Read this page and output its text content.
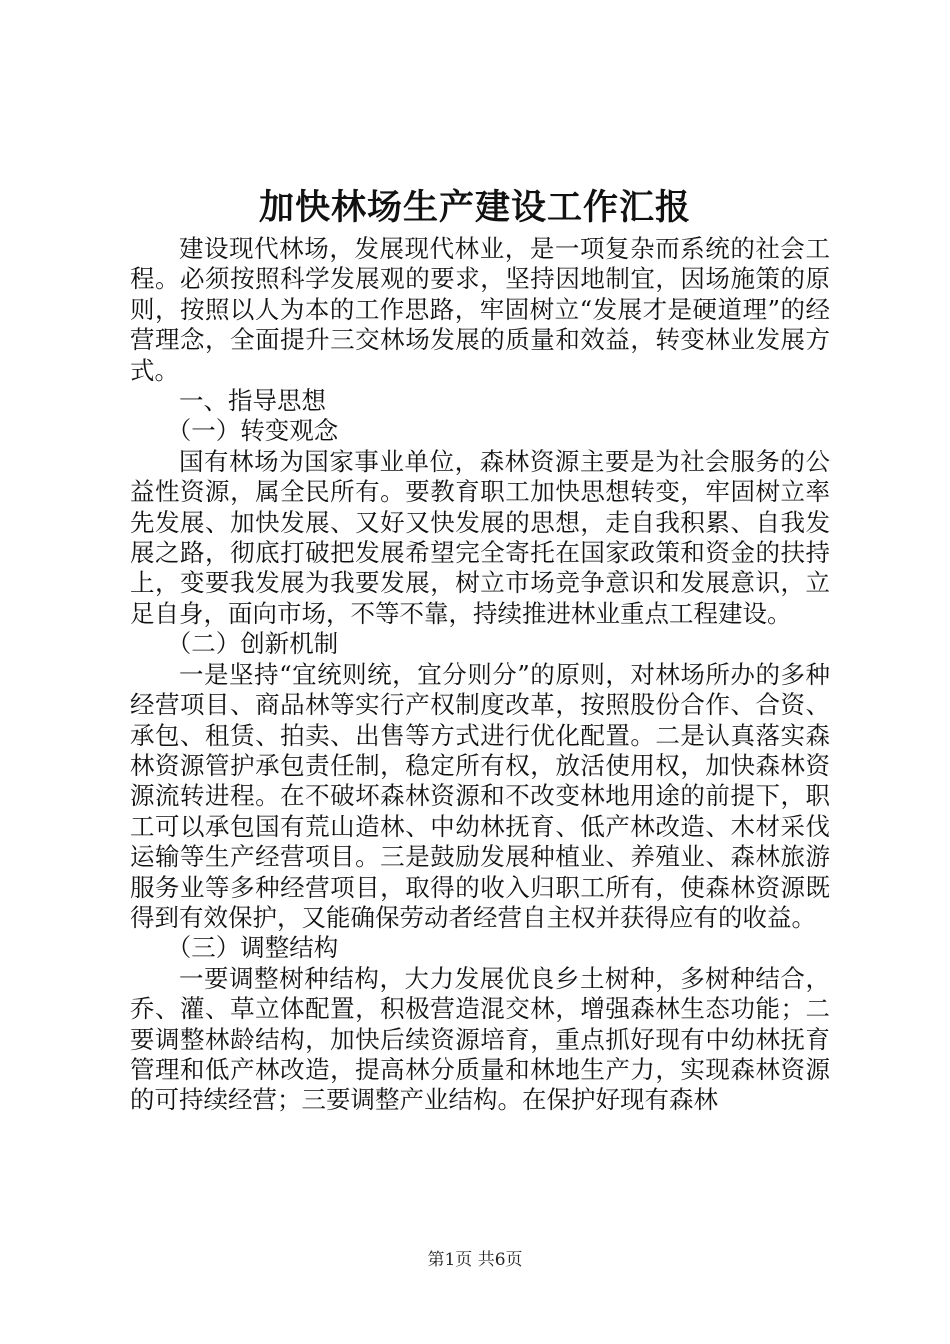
加快林场生产建设工作汇报

建设现代林场，发展现代林业，是一项复杂而系统的社会工程。必须按照科学发展观的要求，坚持因地制宜，因场施策的原则，按照以人为本的工作思路，牢固树立“发展才是硬道理”的经营理念，全面提升三交林场发展的质量和效益，转变林业发展方式。

一、指导思想

（一）转变观念

国有林场为国家事业单位，森林资源主要是为社会服务的公益性资源，属全民所有。要教育职工加快思想转变，牢固树立率先发展、加快发展、又好又快发展的思想，走自我积累、自我发展之路，彻底打破把发展希望完全寄托在国家政策和资金的扶持上，变要我发展为我要发展，树立市场竞争意识和发展意识，立足自身，面向市场，不等不靠，持续推进林业重点工程建设。

（二）创新机制

一是坚持“宜统则统，宜分则分”的原则，对林场所办的多种经营项目、商品林等实行产权制度改革，按照股份合作、合资、承包、租赁、拍卖、出售等方式进行优化配置。二是认真落实森林资源管护承包责任制，稳定所有权，放活使用权，加快森林资源流转进程。在不破坏森林资源和不改变林地用途的前提下，职工可以承包国有荒山造林、中幼林抚育、低产林改造、木材采伐运输等生产经营项目。三是鼓励发展种植业、养殖业、森林旅游服务业等多种经营项目，取得的收入归职工所有，使森林资源既得到有效保护，又能确保劳动者经营自主权并获得应有的收益。

（三）调整结构

一要调整树种结构，大力发展优良乡土树种，多树种结合，乔、灌、草立体配置，积极营造混交林，增强森林生态功能；二要调整林龄结构，加快后续资源培育，重点抓好现有中幼林抚育管理和低产林改造，提高林分质量和林地生产力，实现森林资源的可持续经营；三要调整产业结构。在保护好现有森林

第1页 共6页
